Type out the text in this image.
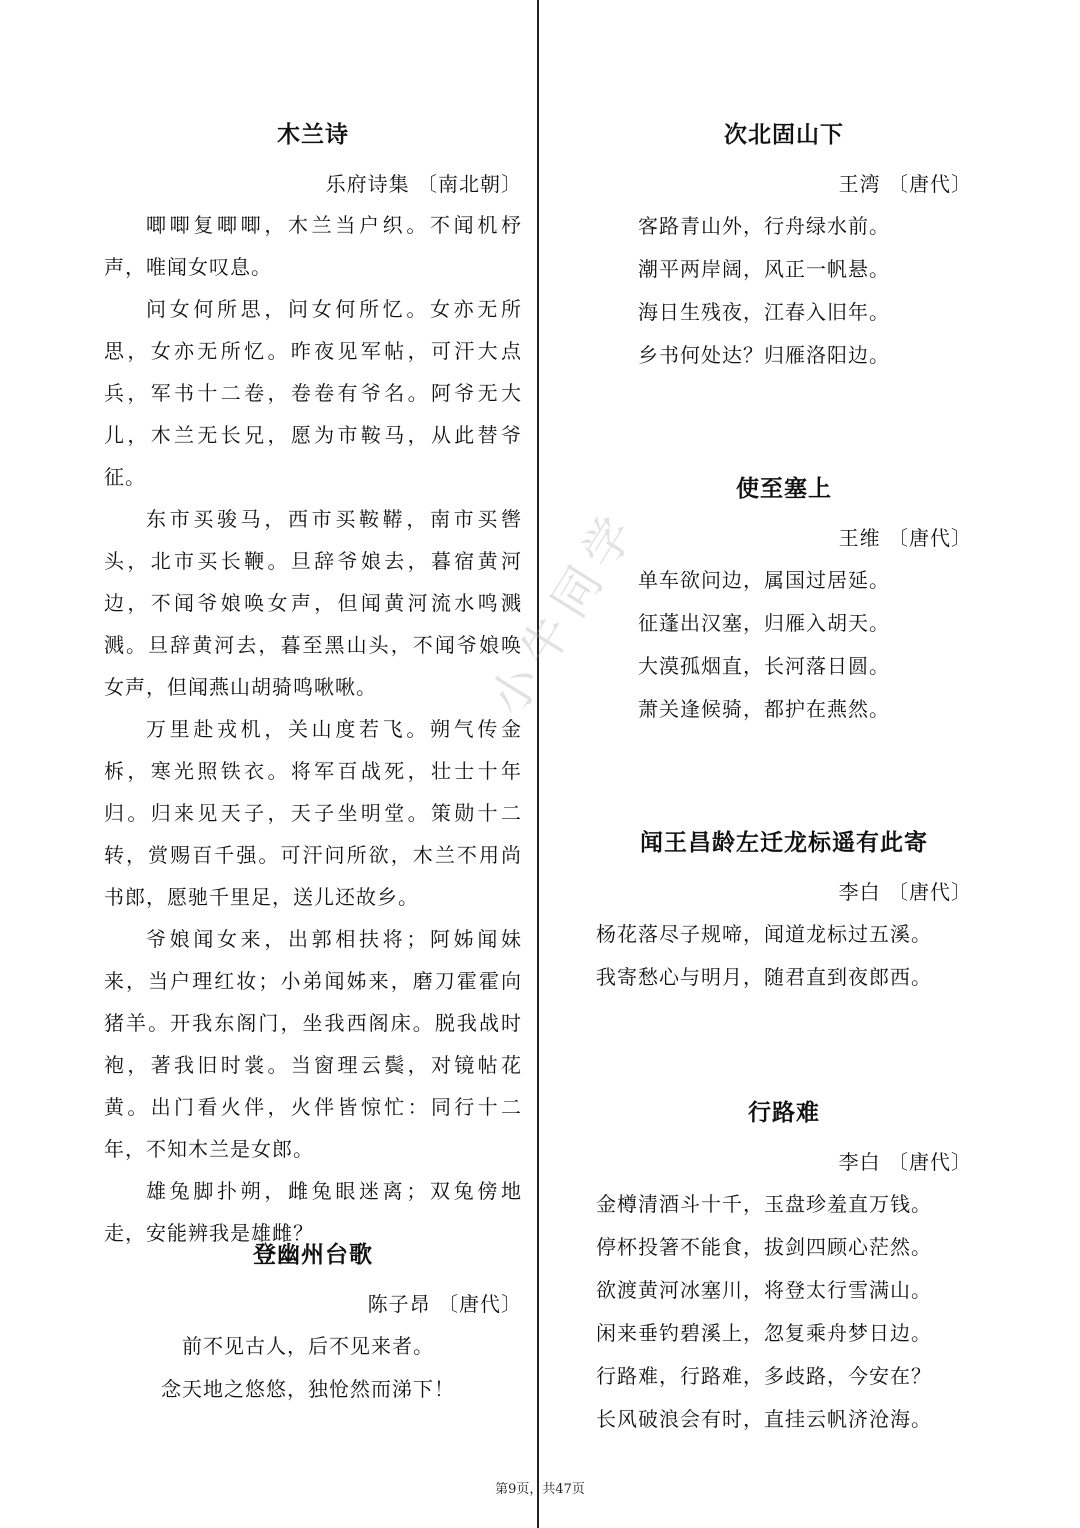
小牛同学
木兰诗
乐府诗集 〔南北朝〕

唧唧复唧唧，木兰当户织。不闻机杼声，唯闻女叹息。

问女何所思，问女何所忆。女亦无所思，女亦无所忆。昨夜见军帖，可汗大点兵，军书十二卷，卷卷有爷名。阿爷无大儿，木兰无长兄，愿为市鞍马，从此替爷征。

东市买骏马，西市买鞍鞯，南市买辔头，北市买长鞭。旦辞爷娘去，暮宿黄河边，不闻爷娘唤女声，但闻黄河流水鸣溅溅。旦辞黄河去，暮至黑山头，不闻爷娘唤女声，但闻燕山胡骑鸣啾啾。

万里赴戎机，关山度若飞。朔气传金柝，寒光照铁衣。将军百战死，壮士十年归。归来见天子，天子坐明堂。策勋十二转，赏赐百千强。可汗问所欲，木兰不用尚书郎，愿驰千里足，送儿还故乡。

爷娘闻女来，出郭相扶将；阿姊闻妹来，当户理红妆；小弟闻姊来，磨刀霍霍向猪羊。开我东阁门，坐我西阁床。脱我战时袍，著我旧时裳。当窗理云鬓，对镜帖花黄。出门看火伴，火伴皆惊忙：同行十二年，不知木兰是女郎。

雄兔脚扑朔，雌兔眼迷离；双兔傍地走，安能辨我是雄雌？

登幽州台歌
陈子昂 〔唐代〕
前不见古人，后不见来者。
念天地之悠悠，独怆然而涕下！
次北固山下
王湾 〔唐代〕
客路青山外，行舟绿水前。
潮平两岸阔，风正一帆悬。
海日生残夜，江春入旧年。
乡书何处达？归雁洛阳边。
使至塞上
王维 〔唐代〕
单车欲问边，属国过居延。
征蓬出汉塞，归雁入胡天。
大漠孤烟直，长河落日圆。
萧关逢候骑，都护在燕然。
闻王昌龄左迁龙标遥有此寄
李白 〔唐代〕
杨花落尽子规啼，闻道龙标过五溪。
我寄愁心与明月，随君直到夜郎西。
行路难
李白 〔唐代〕
金樽清酒斗十千，玉盘珍羞直万钱。
停杯投箸不能食，拔剑四顾心茫然。
欲渡黄河冰塞川，将登太行雪满山。
闲来垂钓碧溪上，忽复乘舟梦日边。
行路难，行路难，多歧路，今安在？
长风破浪会有时，直挂云帆济沧海。
第9页，共47页
